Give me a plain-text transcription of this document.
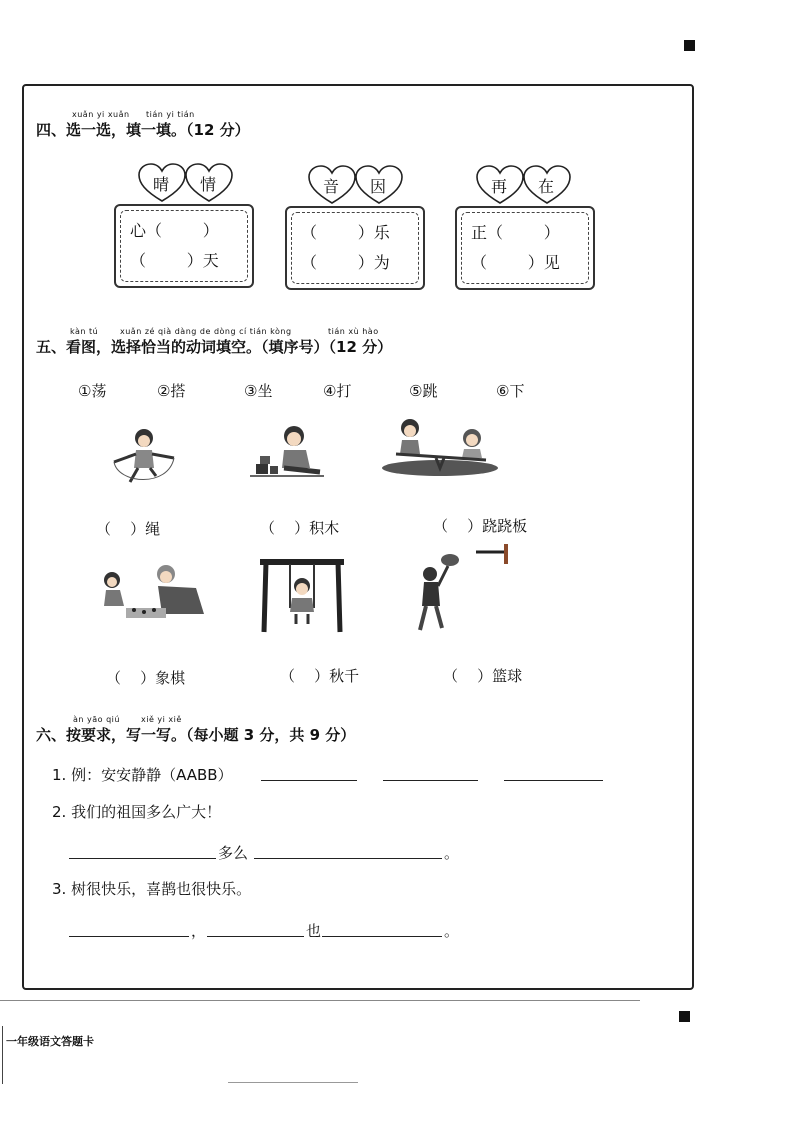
xuǎn yi xuǎn tián yi tián
四、选一选，填一填。（12 分）
晴 情
心（        ）
（        ）天
音 因
（        ）乐
（        ）为
再 在
正（        ）
（        ）见
kàn tú	xuǎn zé qià dàng de dòng cí tián kòng	tián xù hào
五、看图，选择恰当的动词填空。（填序号）（12 分）
①荡	②搭	③坐	④打	⑤跳	⑥下
（    ）绳	（    ）积木	（    ）跷跷板
（    ）象棋	（    ）秋千	（    ）篮球
àn yāo qiú	xiě yi xiě
六、按要求，写一写。（每小题 3 分，共 9 分）
1. 例：安安静静（AABB）
2. 我们的祖国多么广大！
多么	。
3. 树很快乐，喜鹊也很快乐。
，	也	。
一年级语文答题卡
